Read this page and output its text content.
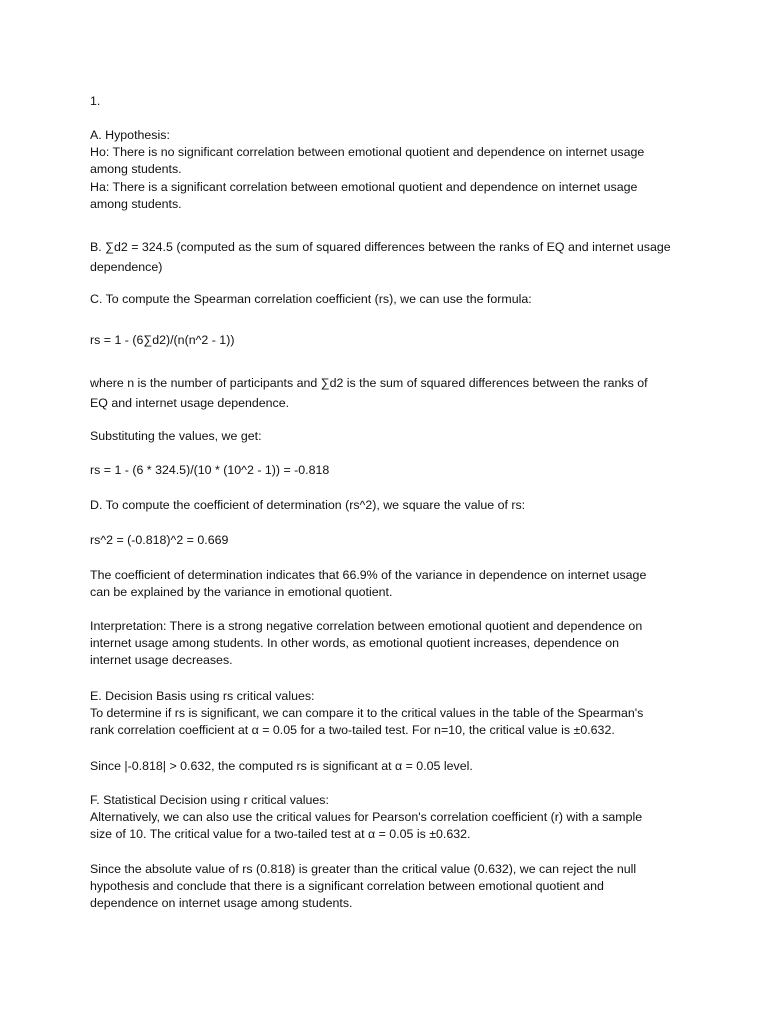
1.

A. Hypothesis:
Ho: There is no significant correlation between emotional quotient and dependence on internet usage
among students.
Ha: There is a significant correlation between emotional quotient and dependence on internet usage
among students.

B. ∑d2 = 324.5 (computed as the sum of squared differences between the ranks of EQ and internet usage
dependence)

C. To compute the Spearman correlation coefficient (rs), we can use the formula:

rs = 1 - (6∑d2)/(n(n^2 - 1))

where n is the number of participants and ∑d2 is the sum of squared differences between the ranks of
EQ and internet usage dependence.

Substituting the values, we get:

rs = 1 - (6 * 324.5)/(10 * (10^2 - 1)) = -0.818

D. To compute the coefficient of determination (rs^2), we square the value of rs:

rs^2 = (-0.818)^2 = 0.669

The coefficient of determination indicates that 66.9% of the variance in dependence on internet usage
can be explained by the variance in emotional quotient.

Interpretation: There is a strong negative correlation between emotional quotient and dependence on
internet usage among students. In other words, as emotional quotient increases, dependence on
internet usage decreases.

E. Decision Basis using rs critical values:
To determine if rs is significant, we can compare it to the critical values in the table of the Spearman's
rank correlation coefficient at α = 0.05 for a two-tailed test. For n=10, the critical value is ±0.632.

Since |-0.818| > 0.632, the computed rs is significant at α = 0.05 level.

F. Statistical Decision using r critical values:
Alternatively, we can also use the critical values for Pearson's correlation coefficient (r) with a sample
size of 10. The critical value for a two-tailed test at α = 0.05 is ±0.632.

Since the absolute value of rs (0.818) is greater than the critical value (0.632), we can reject the null
hypothesis and conclude that there is a significant correlation between emotional quotient and
dependence on internet usage among students.
